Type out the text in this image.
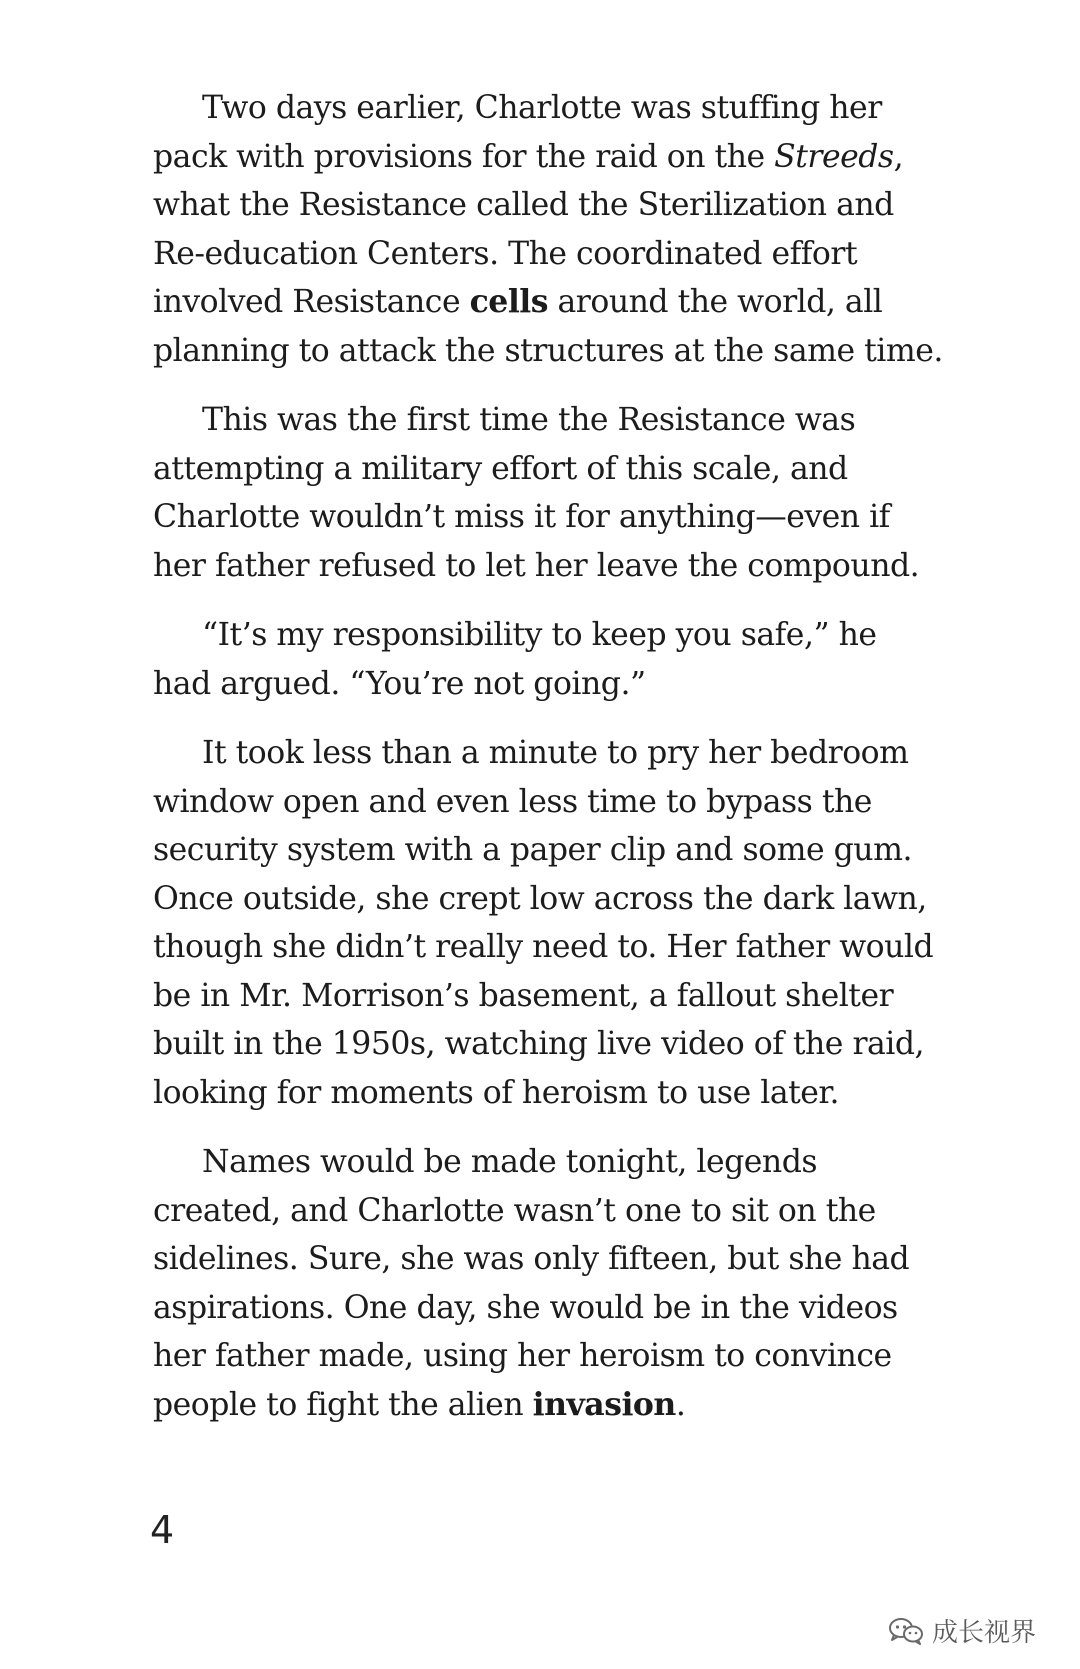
Two days earlier, Charlotte was stuffing her
pack with provisions for the raid on the Streeds,
what the Resistance called the Sterilization and
Re-education Centers. The coordinated effort
involved Resistance cells around the world, all
planning to attack the structures at the same time.

This was the first time the Resistance was
attempting a military effort of this scale, and
Charlotte wouldn’t miss it for anything—even if
her father refused to let her leave the compound.

“It’s my responsibility to keep you safe,” he
had argued. “You’re not going.”

It took less than a minute to pry her bedroom
window open and even less time to bypass the
security system with a paper clip and some gum.
Once outside, she crept low across the dark lawn,
though she didn’t really need to. Her father would
be in Mr. Morrison’s basement, a fallout shelter
built in the 1950s, watching live video of the raid,
looking for moments of heroism to use later.

Names would be made tonight, legends
created, and Charlotte wasn’t one to sit on the
sidelines. Sure, she was only fifteen, but she had
aspirations. One day, she would be in the videos
her father made, using her heroism to convince
people to fight the alien invasion.

4
成长视界
